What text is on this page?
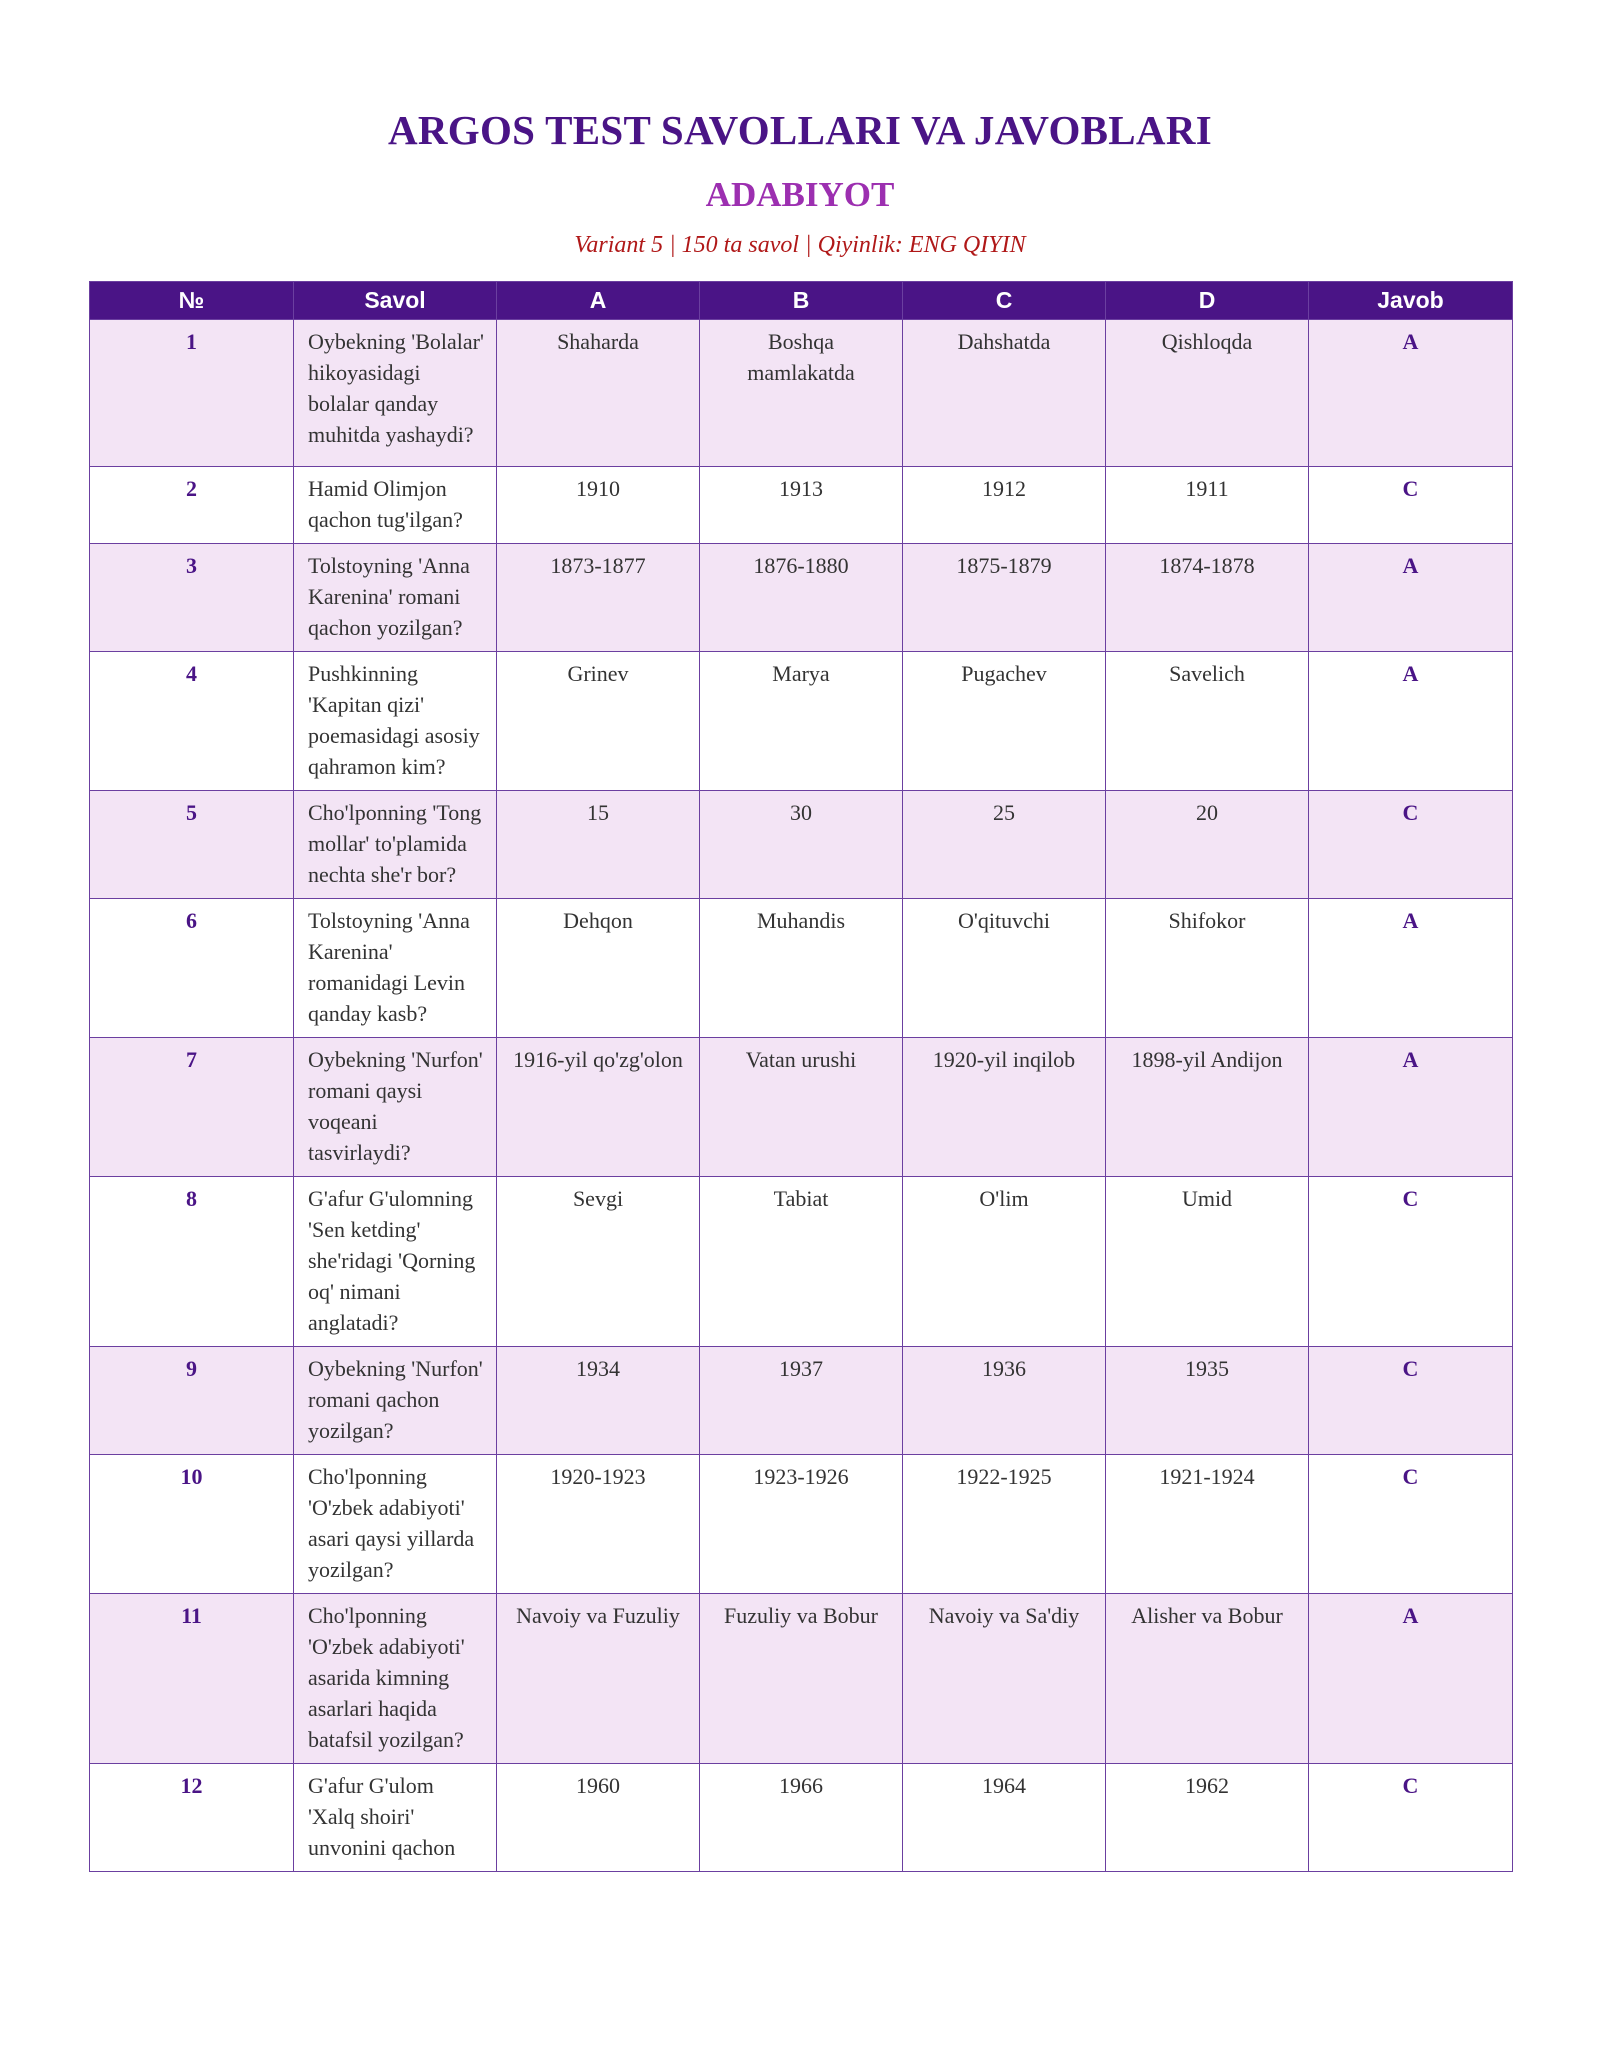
ARGOS TEST SAVOLLARI VA JAVOBLARI
ADABIYOT
Variant 5 | 150 ta savol | Qiyinlik: ENG QIYIN
№	Savol	A	B	C	D	Javob
1	Oybekning 'Bolalar' hikoyasidagi bolalar qanday muhitda yashaydi?	Shaharda	Boshqa mamlakatda	Dahshatda	Qishloqda	A
2	Hamid Olimjon qachon tug'ilgan?	1910	1913	1912	1911	C
3	Tolstoyning 'Anna Karenina' romani qachon yozilgan?	1873-1877	1876-1880	1875-1879	1874-1878	A
4	Pushkinning 'Kapitan qizi' poemasidagi asosiy qahramon kim?	Grinev	Marya	Pugachev	Savelich	A
5	Cho'lponning 'Tong mollar' to'plamida nechta she'r bor?	15	30	25	20	C
6	Tolstoyning 'Anna Karenina' romanidagi Levin qanday kasb?	Dehqon	Muhandis	O'qituvchi	Shifokor	A
7	Oybekning 'Nurfon' romani qaysi voqeani tasvirlaydi?	1916-yil qo'zg'olon	Vatan urushi	1920-yil inqilob	1898-yil Andijon	A
8	G'afur G'ulomning 'Sen ketding' she'ridagi 'Qorning oq' nimani anglatadi?	Sevgi	Tabiat	O'lim	Umid	C
9	Oybekning 'Nurfon' romani qachon yozilgan?	1934	1937	1936	1935	C
10	Cho'lponning 'O'zbek adabiyoti' asari qaysi yillarda yozilgan?	1920-1923	1923-1926	1922-1925	1921-1924	C
11	Cho'lponning 'O'zbek adabiyoti' asarida kimning asarlari haqida batafsil yozilgan?	Navoiy va Fuzuliy	Fuzuliy va Bobur	Navoiy va Sa'diy	Alisher va Bobur	A
12	G'afur G'ulom 'Xalq shoiri' unvonini qachon	1960	1966	1964	1962	C
